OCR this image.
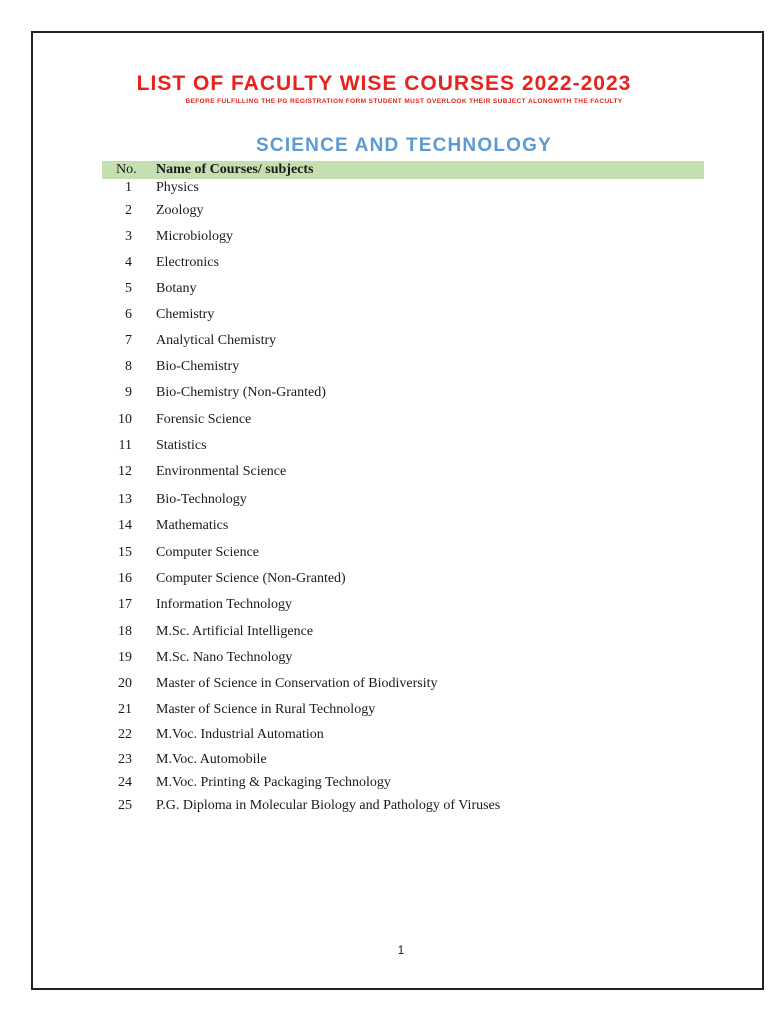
LIST OF FACULTY WISE COURSES 2022-2023

BEFORE FULFILLING THE PG REGISTRATION FORM STUDENT MUST OVERLOOK THEIR SUBJECT ALONGWITH THE FACULTY

SCIENCE AND TECHNOLOGY
No. Name of Courses/ subjects
1 Physics
2 Zoology
3 Microbiology
4 Electronics
5 Botany
6 Chemistry
7 Analytical Chemistry
8 Bio-Chemistry
9 Bio-Chemistry (Non-Granted)
10 Forensic Science
11 Statistics
12 Environmental Science
13 Bio-Technology
14 Mathematics
15 Computer Science
16 Computer Science (Non-Granted)
17 Information Technology
18 M.Sc. Artificial Intelligence
19 M.Sc. Nano Technology
20 Master of Science in Conservation of Biodiversity
21 Master of Science in Rural Technology
22 M.Voc. Industrial Automation
23 M.Voc. Automobile
24 M.Voc. Printing & Packaging Technology
25 P.G. Diploma in Molecular Biology and Pathology of Viruses
1
